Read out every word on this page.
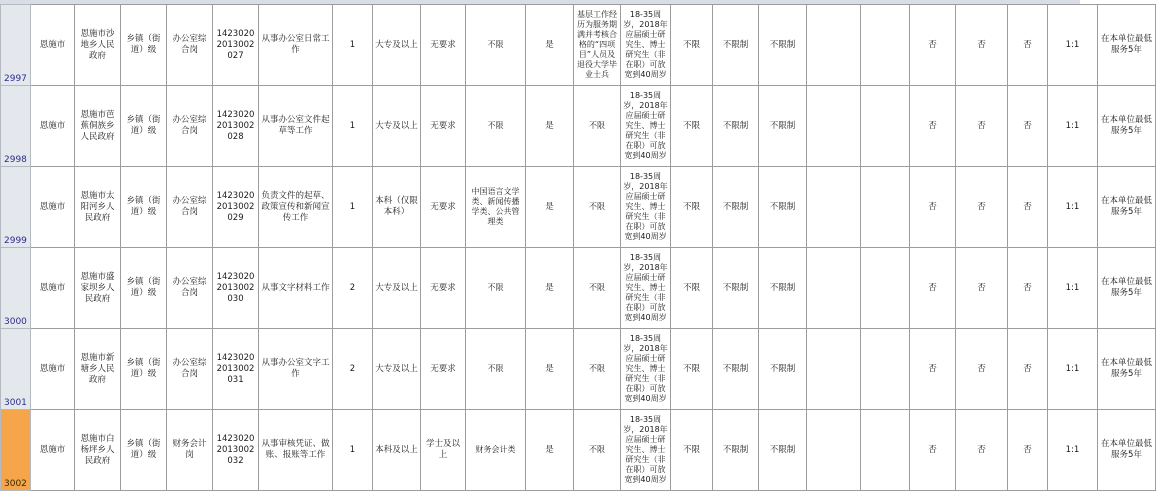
2997	恩施市	恩施市沙地乡人民政府	乡镇（街道）级	办公室综合岗	14230202013002027	从事办公室日常工作	1	大专及以上	无要求	不限	是	基层工作经历为服务期满并考核合格的“四项目”人员及退役大学毕业士兵	18-35周岁，2018年应届硕士研究生、博士研究生（非在职）可放宽到40周岁	不限	不限制	不限制			否	否	否	1:1	在本单位最低服务5年
2998	恩施市	恩施市芭蕉侗族乡人民政府	乡镇（街道）级	办公室综合岗	14230202013002028	从事办公室文件起草等工作	1	大专及以上	无要求	不限	是	不限	18-35周岁，2018年应届硕士研究生、博士研究生（非在职）可放宽到40周岁	不限	不限制	不限制			否	否	否	1:1	在本单位最低服务5年
2999	恩施市	恩施市太阳河乡人民政府	乡镇（街道）级	办公室综合岗	14230202013002029	负责文件的起草、政策宣传和新闻宣传工作	1	本科（仅限本科）	无要求	中国语言文学类、新闻传播学类、公共管理类	是	不限	18-35周岁，2018年应届硕士研究生、博士研究生（非在职）可放宽到40周岁	不限	不限制	不限制			否	否	否	1:1	在本单位最低服务5年
3000	恩施市	恩施市盛家坝乡人民政府	乡镇（街道）级	办公室综合岗	14230202013002030	从事文字材料工作	2	大专及以上	无要求	不限	是	不限	18-35周岁，2018年应届硕士研究生、博士研究生（非在职）可放宽到40周岁	不限	不限制	不限制			否	否	否	1:1	在本单位最低服务5年
3001	恩施市	恩施市新塘乡人民政府	乡镇（街道）级	办公室综合岗	14230202013002031	从事办公室文字工作	2	大专及以上	无要求	不限	是	不限	18-35周岁，2018年应届硕士研究生、博士研究生（非在职）可放宽到40周岁	不限	不限制	不限制			否	否	否	1:1	在本单位最低服务5年
3002	恩施市	恩施市白杨坪乡人民政府	乡镇（街道）级	财务会计岗	14230202013002032	从事审核凭证、做账、报账等工作	1	本科及以上	学士及以上	财务会计类	是	不限	18-35周岁，2018年应届硕士研究生、博士研究生（非在职）可放宽到40周岁	不限	不限制	不限制			否	否	否	1:1	在本单位最低服务5年
